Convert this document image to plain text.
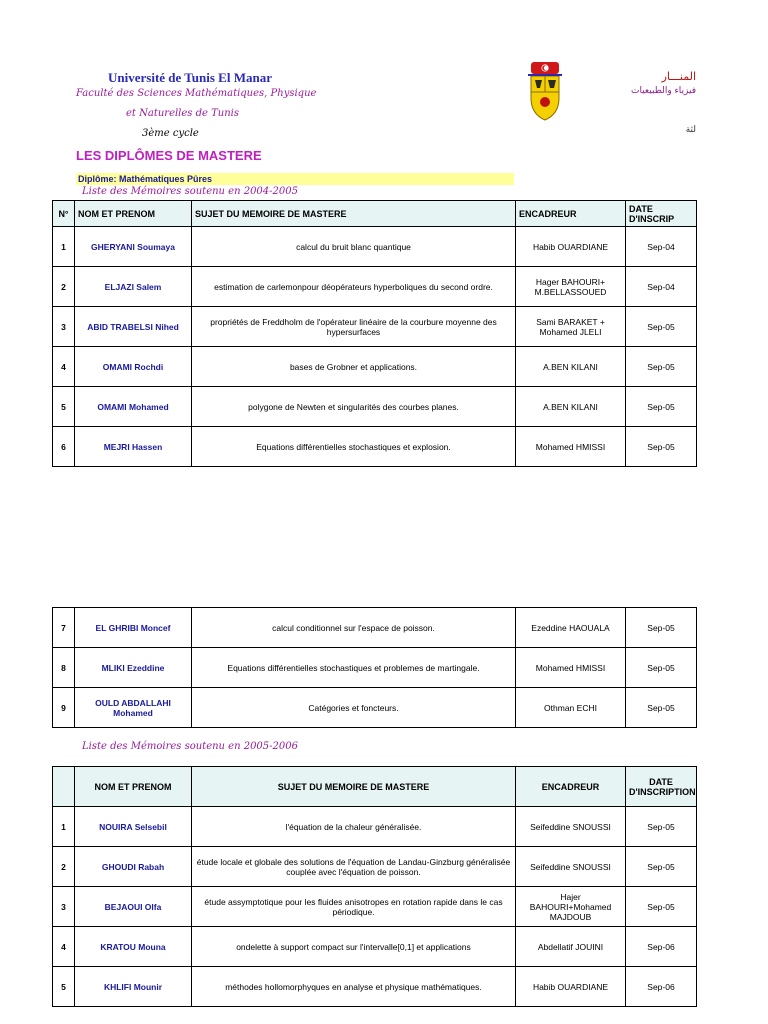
Université de Tunis El Manar
Faculté des Sciences Mathématiques, Physique
et Naturelles de Tunis
3ème cycle
المنـــار
فيزياء والطبيعيات
لثة
LES DIPLÔMES DE MASTERE
Diplôme: Mathématiques Pûres
Liste des Mémoires soutenu en 2004-2005
N°	NOM ET PRENOM	SUJET DU MEMOIRE DE MASTERE	ENCADREUR	DATE D'INSCRIP
1	GHERYANI Soumaya	calcul du bruit blanc quantique	Habib OUARDIANE	Sep-04
2	ELJAZI Salem	estimation de carlemonpour déopérateurs hyperboliques du second ordre.	Hager BAHOURI+ M.BELLASSOUED	Sep-04
3	ABID TRABELSI Nihed	propriétés de Freddholm de l'opérateur linéaire de la courbure moyenne des hypersurfaces	Sami BARAKET + Mohamed JLELI	Sep-05
4	OMAMI Rochdi	bases de Grobner et applications.	A.BEN KILANI	Sep-05
5	OMAMI Mohamed	polygone de Newten et singularités des courbes planes.	A.BEN KILANI	Sep-05
6	MEJRI Hassen	Equations différentielles stochastiques et explosion.	Mohamed HMISSI	Sep-05
7	EL GHRIBI Moncef	calcul conditionnel sur l'espace de poisson.	Ezeddine HAOUALA	Sep-05
8	MLIKI Ezeddine	Equations différentielles stochastiques et problemes de martingale.	Mohamed HMISSI	Sep-05
9	OULD ABDALLAHI Mohamed	Catégories et foncteurs.	Othman ECHI	Sep-05
Liste des Mémoires soutenu en 2005-2006
	NOM ET PRENOM	SUJET DU MEMOIRE DE MASTERE	ENCADREUR	DATE D'INSCRIPTION
1	NOUIRA Selsebil	l'équation de la chaleur généralisée.	Seifeddine SNOUSSI	Sep-05
2	GHOUDI Rabah	étude locale et globale des solutions de l'équation de Landau-Ginzburg généralisée couplée avec l'équation de poisson.	Seifeddine SNOUSSI	Sep-05
3	BEJAOUI Olfa	étude assymptotique pour les fluides anisotropes en rotation rapide dans le cas périodique.	Hajer BAHOURI+Mohamed MAJDOUB	Sep-05
4	KRATOU Mouna	ondelette à support compact sur l'intervalle[0,1] et applications	Abdellatif JOUINI	Sep-06
5	KHLIFI Mounir	méthodes hollomorphyques en analyse et physique mathématiques.	Habib OUARDIANE	Sep-06
